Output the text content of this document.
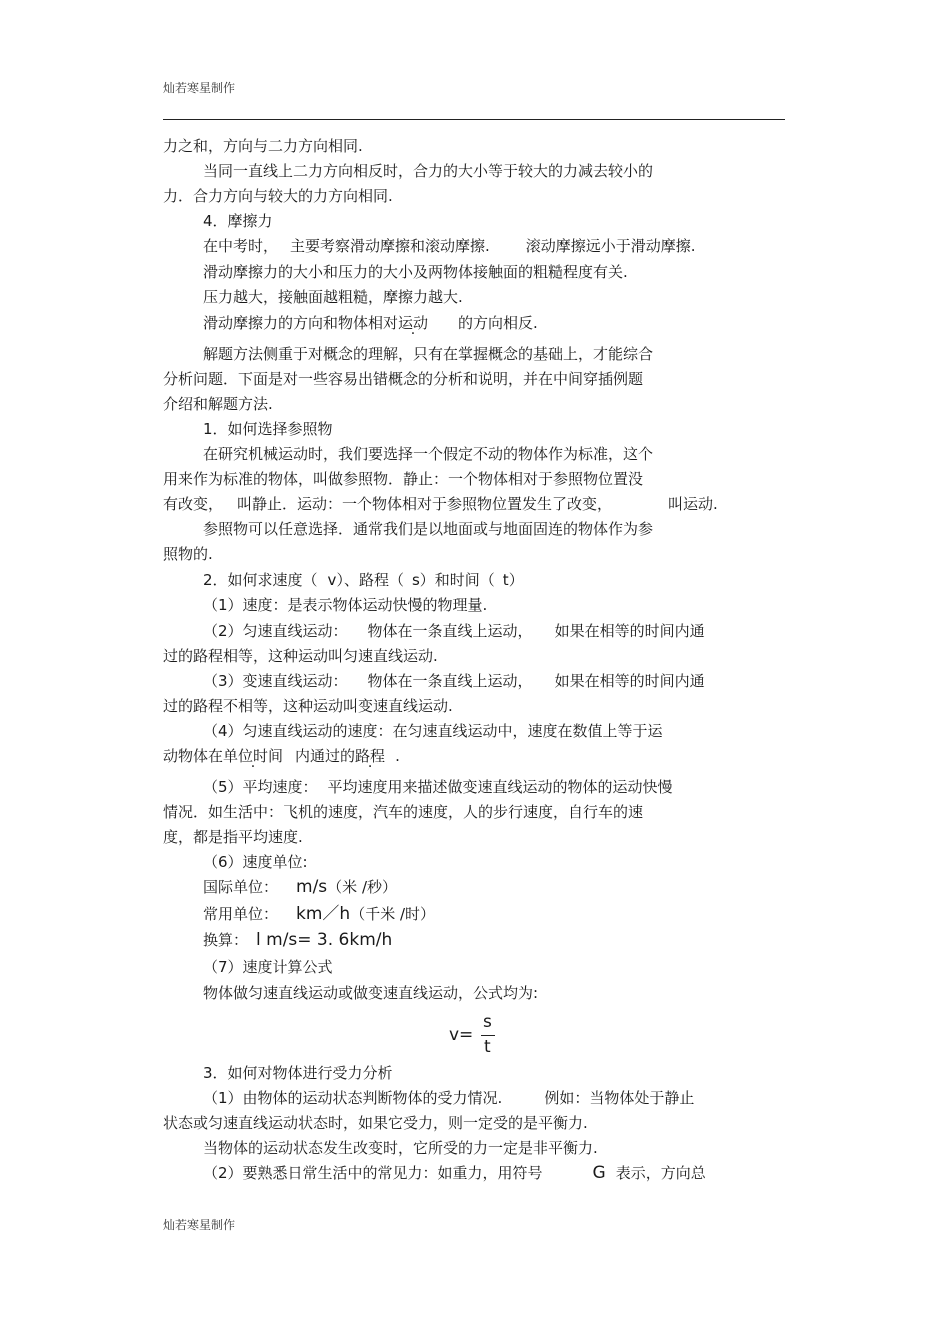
灿若寒星制作
力之和，方向与二力方向相同.
当同一直线上二力方向相反时，合力的大小等于较大的力减去较小的
力．合力方向与较大的力方向相同.
4．摩擦力
在中考时， 主要考察滑动摩擦和滚动摩擦. 滚动摩擦远小于滑动摩擦.
滑动摩擦力的大小和压力的大小及两物体接触面的粗糙程度有关.
压力越大，接触面越粗糙，摩擦力越大.
滑动摩擦力的方向和物体相对运动 的方向相反.
解题方法侧重于对概念的理解，只有在掌握概念的基础上，才能综合
分析问题．下面是对一些容易出错概念的分析和说明，并在中间穿插例题
介绍和解题方法.
1．如何选择参照物
在研究机械运动时，我们要选择一个假定不动的物体作为标准，这个
用来作为标准的物体，叫做参照物．静止：一个物体相对于参照物位置没
有改变， 叫静止．运动：一个物体相对于参照物位置发生了改变，	叫运动.
参照物可以任意选择．通常我们是以地面或与地面固连的物体作为参
照物的.
2．如何求速度（ v）、路程（ s）和时间（ t）
（1）速度：是表示物体运动快慢的物理量.
（2）匀速直线运动： 物体在一条直线上运动， 如果在相等的时间内通
过的路程相等，这种运动叫匀速直线运动.
（3）变速直线运动： 物体在一条直线上运动， 如果在相等的时间内通
过的路程不相等，这种运动叫变速直线运动.
（4）匀速直线运动的速度：在匀速直线运动中，速度在数值上等于运
动物体在单位时间 内通过的路程 .
（5）平均速度： 平均速度用来描述做变速直线运动的物体的运动快慢
情况．如生活中：飞机的速度，汽车的速度，人的步行速度，自行车的速
度，都是指平均速度.
（6）速度单位:
国际单位： m/s（米 /秒）
常用单位： km／h（千米 /时）
换算： l m/s= 3. 6km/h
（7）速度计算公式
物体做匀速直线运动或做变速直线运动，公式均为:
v=
s
t
3．如何对物体进行受力分析
（1）由物体的运动状态判断物体的受力情况.	例如：当物体处于静止
状态或匀速直线运动状态时，如果它受力，则一定受的是平衡力.
当物体的运动状态发生改变时，它所受的力一定是非平衡力.
（2）要熟悉日常生活中的常见力：如重力，用符号	G 表示，方向总
灿若寒星制作
